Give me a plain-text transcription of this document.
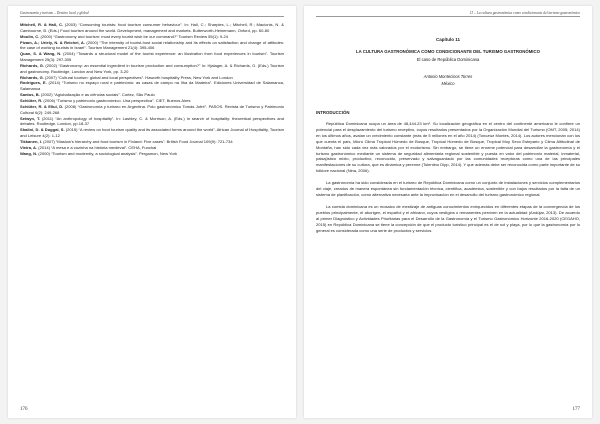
Gastronomía y turismo – Destino local y global

Mitchell, R. & Hall, C. (2003) “Consuming tourists: food tourism consumer behaviour”. In: Hall, C.; Sharples, L.; Mitchell, R.; Macionis, N. & Cambourne, B. (Eds.) Food tourism around the world. Development, management and markets. Butterworth-Heinemann, Oxford, pp. 60-80

Moulin, C. (2000) “Gastronomy and tourism: must every tourist wish be our command?” Tourism Review 55(1): 9-24

Pizam, A.; Uriely, N. & Reichel, A. (2000) “The intensity of tourist-host social relationship and its effects on satisfaction and change of attitudes: the case of working tourists in Israel”. Tourism Management 21(4): 395-406

Quan, S. & Wang, N. (2004) “Towards a structural model of the tourist experience: an illustration from food experiences in tourism”. Tourism Management 25(3): 297-305

Richards, G. (2002) “Gastronomy: an essential ingredient in tourism production and consumption?” In: Hjalager, A. & Richards, G. (Eds.) Tourism and gastronomy. Routledge, London and New York, pp. 3-20

Richards, G. (2007) “Cultural tourism: global and local perspectives”. Haworth hospitality Press, New York and London

Rodrigues, E. (2014) “Turismo no espaço rural e património: as casas de campo na Ilha da Madeira”. Ediciones Universidad de Salamanca, Salamanca

Santos, B. (2002) “Aglobalização e as ciências sociais”. Cortez, São Paulo

Schlüter, R. (2006) “Turismo y patrimonio gastronómico. Una perspectiva”. CIET, Buenos Aires

Schlüter, R. & Ellul, D. (2008) “Gastronomía y turismo en Argentina. Polo gastronómico Tomás Jofré”. PASOS. Revista de Turismo y Patrimonio Cultural 6(2): 249-268

Selwyn, T. (2011) “An anthropology of hospitality”. In: Lashley, C. & Morrison, A. (Eds.) In search of hospitality: theoretical perspectives and debates. Routledge, London, pp.18-37

Shalini, D. & Duggal, S. (2015) “A review on food tourism quality and its associated forms around the world”. African Journal of Hospitality, Tourism and Leisure 4(2): 1-12

Tikkanen, I. (2007) “Maslow's hierarchy and food tourism in Finland: Five cases”. British Food Journal 109(9): 721-734

Vieira, A. (2014) “A mesa e a cozinha na história medieval”. CEHA, Funchal

Wang, N. (2000) “Tourism and modernity, a sociological analysis”. Pergamon, New York

176
13 – La cultura gastronómica como condicionante del turismo gastronómico
Capítulo 11
LA CULTURA GASTRONÓMICA COMO CONDICIONANTE DEL TURISMO GASTRONÓMICO
El caso de República Dominicana
Antonio Montecinos Torres
México
INTRODUCCIÓN

República Dominicana ocupa un área de 48,444.23 km². Su localización geográfica en el centro del continente americano le confiere un potencial para el desplazamiento del turismo receptivo, cuyos resultados presentados por la Organización Mundial del Turismo (OMT, 2005; 2014) en los últimos años, avalan un crecimiento constante (más de 5 millones en el año 2014) (Tonczwz Montes, 2014). Los autores mencionan con los que cuenta el país, Micro Clima Tropical Húmedo de Bosque, Tropical Húmedo de Bosque, Tropical Muy Seco Estepario y Clima Altitudinal de Montaña, han sido cada vez más valorados por el ecoturismo. Sin embargo, se tiene un enorme potencial para desarrollar la gastronomía y el turismo gastronómico mediante un sistema de seguridad alimentaria regional sostenible y puesta en valor del patrimonio material, inmaterial, paisajístico mixto, productivo, reconocido, preservado y salvaguardado por las comunidades receptoras como una de las principales manifestaciones de su cultura, que es dinámica y perenne (Tolentino Dipp, 2014). Y que además debe ser reconocida como parte importante de su folklore nacional (Nina, 2006).

La gastronomía ha sido considerada en el turismo de República Dominicana como un conjunto de instalaciones y servicios complementarios del viaje, creados de manera espontánea sin fundamentación técnica, científica, académica, sostenible y con bajos resultados por la falta de un sistema de planificación, como alternativa necesaria ante la improvisación en el desarrollo del turismo gastronómico regional.

La comida dominicana es un mosaico de mestizaje de antiguas conocimientos enriquecidos en diferentes etapas de la convergencia de los pueblos principalmente, el aborigen, el español y el africano, cuyos vestigios o remanentes perviven en la actualidad (Andújar, 2013). De acuerdo al primer Diagnóstico y Actividades Prioritarias para el Desarrollo de la Gastronomía y el Turismo Gastronómico Horizonte 2016-2020 (CEGAHO, 2015) en República Dominicana se tiene la concepción de que el producto turístico principal es el de sol y playa, por lo que la gastronomía por lo general es considerada como una serie de productos y servicios

177
